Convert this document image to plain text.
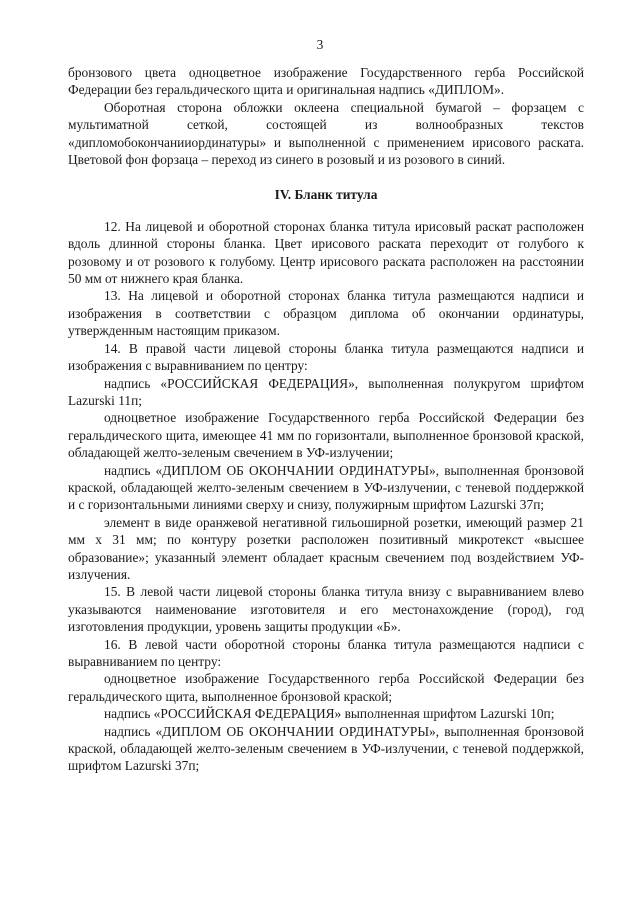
3

бронзового цвета одноцветное изображение Государственного герба Российской Федерации без геральдического щита и оригинальная надпись «ДИПЛОМ».

Оборотная сторона обложки оклеена специальной бумагой – форзацем с мультиматной сеткой, состоящей из волнообразных текстов «дипломобокончанииординатуры» и выполненной с применением ирисового раската. Цветовой фон форзаца – переход из синего в розовый и из розового в синий.

IV. Бланк титула

12. На лицевой и оборотной сторонах бланка титула ирисовый раскат расположен вдоль длинной стороны бланка. Цвет ирисового раската переходит от голубого к розовому и от розового к голубому. Центр ирисового раската расположен на расстоянии 50 мм от нижнего края бланка.

13. На лицевой и оборотной сторонах бланка титула размещаются надписи и изображения в соответствии с образцом диплома об окончании ординатуры, утвержденным настоящим приказом.

14. В правой части лицевой стороны бланка титула размещаются надписи и изображения с выравниванием по центру:

надпись «РОССИЙСКАЯ ФЕДЕРАЦИЯ», выполненная полукругом шрифтом Lazurski 11п;

одноцветное изображение Государственного герба Российской Федерации без геральдического щита, имеющее 41 мм по горизонтали, выполненное бронзовой краской, обладающей желто-зеленым свечением в УФ-излучении;

надпись «ДИПЛОМ ОБ ОКОНЧАНИИ ОРДИНАТУРЫ», выполненная бронзовой краской, обладающей желто-зеленым свечением в УФ-излучении, с теневой поддержкой и с горизонтальными линиями сверху и снизу, полужирным шрифтом Lazurski 37п;

элемент в виде оранжевой негативной гильоширной розетки, имеющий размер 21 мм х 31 мм; по контуру розетки расположен позитивный микротекст «высшее образование»; указанный элемент обладает красным свечением под воздействием УФ-излучения.

15. В левой части лицевой стороны бланка титула внизу с выравниванием влево указываются наименование изготовителя и его местонахождение (город), год изготовления продукции, уровень защиты продукции «Б».

16. В левой части оборотной стороны бланка титула размещаются надписи с выравниванием по центру:

одноцветное изображение Государственного герба Российской Федерации без геральдического щита, выполненное бронзовой краской;

надпись «РОССИЙСКАЯ ФЕДЕРАЦИЯ» выполненная шрифтом Lazurski 10п;

надпись «ДИПЛОМ ОБ ОКОНЧАНИИ ОРДИНАТУРЫ», выполненная бронзовой краской, обладающей желто-зеленым свечением в УФ-излучении, с теневой поддержкой, шрифтом Lazurski 37п;
